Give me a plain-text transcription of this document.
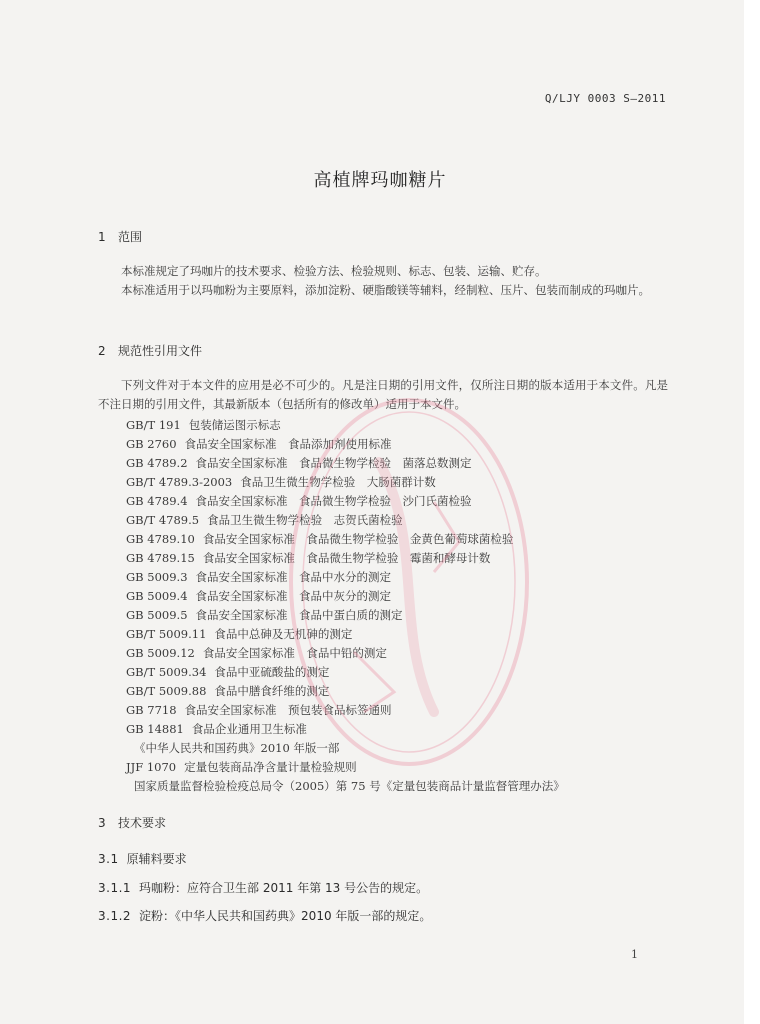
Q/LJY 0003 S—2011
高植牌玛咖糖片
1 范围
本标准规定了玛咖片的技术要求、检验方法、检验规则、标志、包装、运输、贮存。
本标准适用于以玛咖粉为主要原料，添加淀粉、硬脂酸镁等辅料，经制粒、压片、包装而制成的玛咖片。
2 规范性引用文件
下列文件对于本文件的应用是必不可少的。凡是注日期的引用文件，仅所注日期的版本适用于本文件。凡是不注日期的引用文件，其最新版本（包括所有的修改单）适用于本文件。
GB/T 191 包装储运图示标志
GB 2760 食品安全国家标准　食品添加剂使用标准
GB 4789.2 食品安全国家标准　食品微生物学检验　菌落总数测定
GB/T 4789.3-2003 食品卫生微生物学检验　大肠菌群计数
GB 4789.4 食品安全国家标准　食品微生物学检验　沙门氏菌检验
GB/T 4789.5 食品卫生微生物学检验　志贺氏菌检验
GB 4789.10 食品安全国家标准　食品微生物学检验　金黄色葡萄球菌检验
GB 4789.15 食品安全国家标准　食品微生物学检验　霉菌和酵母计数
GB 5009.3 食品安全国家标准　食品中水分的测定
GB 5009.4 食品安全国家标准　食品中灰分的测定
GB 5009.5 食品安全国家标准　食品中蛋白质的测定
GB/T 5009.11 食品中总砷及无机砷的测定
GB 5009.12 食品安全国家标准　食品中铅的测定
GB/T 5009.34 食品中亚硫酸盐的测定
GB/T 5009.88 食品中膳食纤维的测定
GB 7718 食品安全国家标准　预包装食品标签通则
GB 14881 食品企业通用卫生标准
《中华人民共和国药典》2010 年版一部
JJF 1070 定量包装商品净含量计量检验规则
国家质量监督检验检疫总局令（2005）第 75 号《定量包装商品计量监督管理办法》
3 技术要求
3.1 原辅料要求
3.1.1 玛咖粉：应符合卫生部 2011 年第 13 号公告的规定。
3.1.2 淀粉：《中华人民共和国药典》2010 年版一部的规定。
1
